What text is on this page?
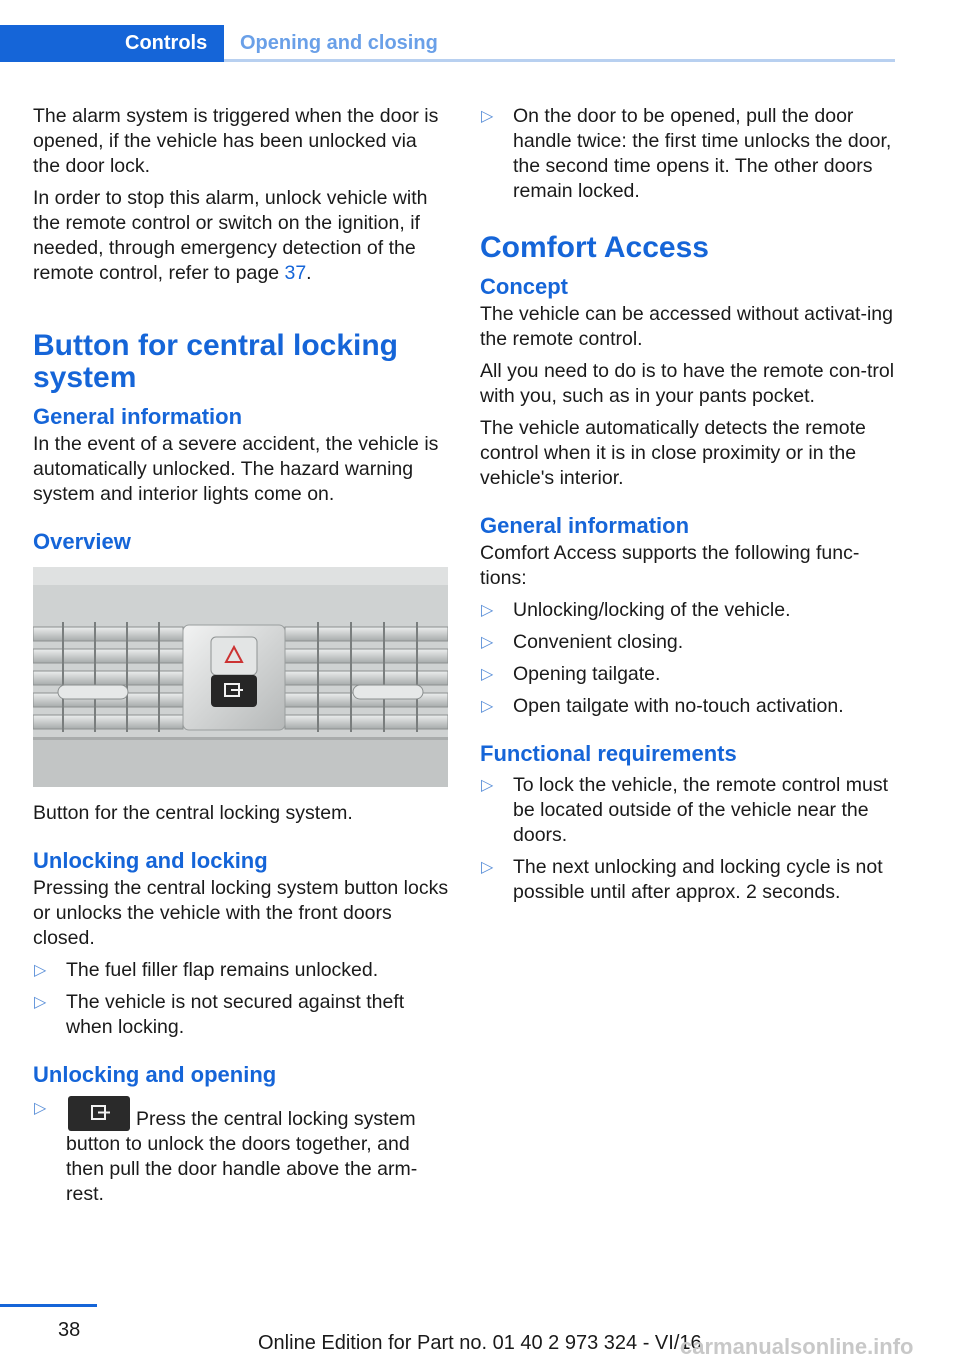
Controls	Opening and closing

The alarm system is triggered when the door is opened, if the vehicle has been unlocked via the door lock.

In order to stop this alarm, unlock vehicle with the remote control or switch on the ignition, if needed, through emergency detection of the remote control, refer to page 37.

Button for central locking system
General information

In the event of a severe accident, the vehicle is automatically unlocked. The hazard warning system and interior lights come on.

Overview

Button for the central locking system.

Unlocking and locking

Pressing the central locking system button locks or unlocks the vehicle with the front doors closed.

▷ The fuel filler flap remains unlocked.
▷ The vehicle is not secured against theft when locking.
Unlocking and opening
▷	Press the central locking system button to unlock the doors together, and then pull the door handle above the arm-rest.
▷ On the door to be opened, pull the door handle twice: the first time unlocks the door, the second time opens it. The other doors remain locked.
Comfort Access
Concept

The vehicle can be accessed without activat-ing the remote control.

All you need to do is to have the remote con-trol with you, such as in your pants pocket.

The vehicle automatically detects the remote control when it is in close proximity or in the vehicle's interior.

General information

Comfort Access supports the following func-tions:

▷ Unlocking/locking of the vehicle.
▷ Convenient closing.
▷ Opening tailgate.
▷ Open tailgate with no-touch activation.
Functional requirements
▷ To lock the vehicle, the remote control must be located outside of the vehicle near the doors.
▷ The next unlocking and locking cycle is not possible until after approx. 2 seconds.
38
Online Edition for Part no. 01 40 2 973 324 - VI/16
carmanualsonline.info
